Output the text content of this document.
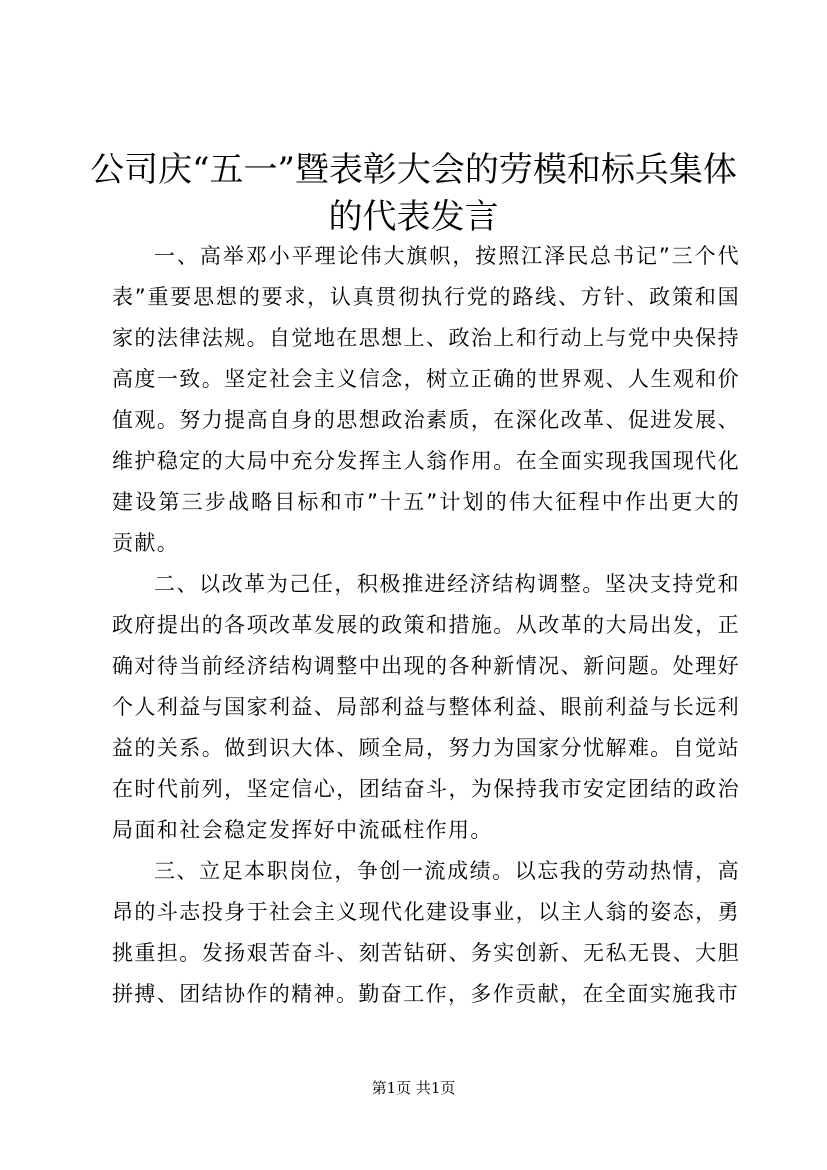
公司庆“五一”暨表彰大会的劳模和标兵集体
的代表发言

一、高举邓小平理论伟大旗帜，按照江泽民总书记”三个代表”重要思想的要求，认真贯彻执行党的路线、方针、政策和国家的法律法规。自觉地在思想上、政治上和行动上与党中央保持高度一致。坚定社会主义信念，树立正确的世界观、人生观和价值观。努力提高自身的思想政治素质，在深化改革、促进发展、维护稳定的大局中充分发挥主人翁作用。在全面实现我国现代化建设第三步战略目标和市”十五”计划的伟大征程中作出更大的贡献。

二、以改革为己任，积极推进经济结构调整。坚决支持党和政府提出的各项改革发展的政策和措施。从改革的大局出发，正确对待当前经济结构调整中出现的各种新情况、新问题。处理好个人利益与国家利益、局部利益与整体利益、眼前利益与长远利益的关系。做到识大体、顾全局，努力为国家分忧解难。自觉站在时代前列，坚定信心，团结奋斗，为保持我市安定团结的政治局面和社会稳定发挥好中流砥柱作用。

三、立足本职岗位，争创一流成绩。以忘我的劳动热情，高昂的斗志投身于社会主义现代化建设事业，以主人翁的姿态，勇挑重担。发扬艰苦奋斗、刻苦钻研、务实创新、无私无畏、大胆拼搏、团结协作的精神。勤奋工作，多作贡献，在全面实施我市

第1页 共1页
